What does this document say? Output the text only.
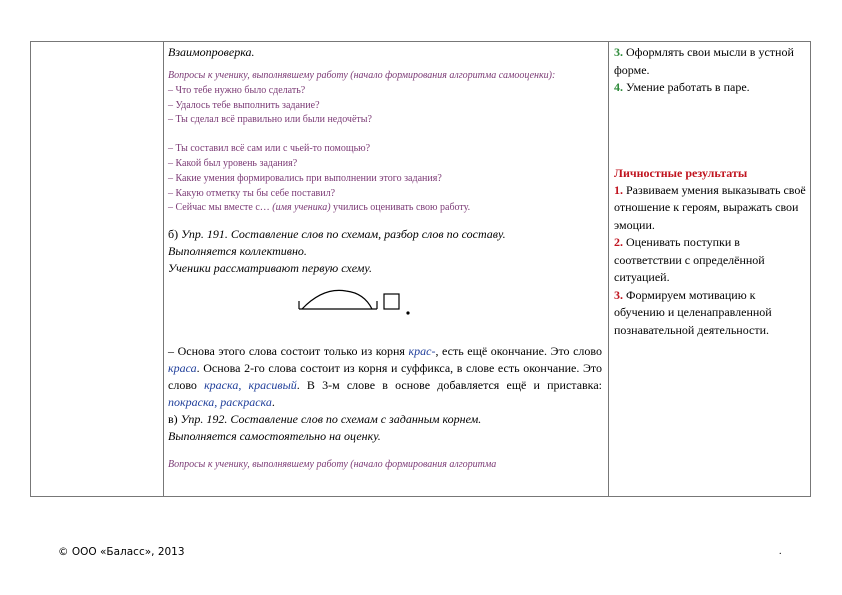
Взаимопроверка.

Вопросы к ученику, выполнявшему работу (начало формирования алгоритма самооценки):

– Что тебе нужно было сделать?

– Удалось тебе выполнить задание?

– Ты сделал всё правильно или были недочёты?

– Ты составил всё сам или с чьей-то помощью?

– Какой был уровень задания?

– Какие умения формировались при выполнении этого задания?

– Какую отметку ты бы себе поставил?

– Сейчас мы вместе с… (имя ученика) учились оценивать свою работу.

б) Упр. 191. Составление слов по схемам, разбор слов по составу.

Выполняется коллективно.

Ученики рассматривают первую схему.

– Основа этого слова состоит только из корня крас-, есть ещё окончание. Это слово краса. Основа 2-го слова состоит из корня и суффикса, в слове есть окончание. Это слово краска, красивый. В 3-м слове в основе добавляется ещё и приставка: покраска, раскраска.

в) Упр. 192. Составление слов по схемам с заданным корнем.

Выполняется самостоятельно на оценку.

Вопросы к ученику, выполнявшему работу (начало формирования алгоритма

3. Оформлять свои мысли в устной форме.

4. Умение работать в паре.

Личностные результаты

1. Развиваем умения выказывать своё отношение к героям, выражать свои эмоции.

2. Оценивать поступки в соответствии с определённой ситуацией.

3. Формируем мотивацию к обучению и целенаправленной познавательной деятельности.

© ООО «Баласс», 2013	.
